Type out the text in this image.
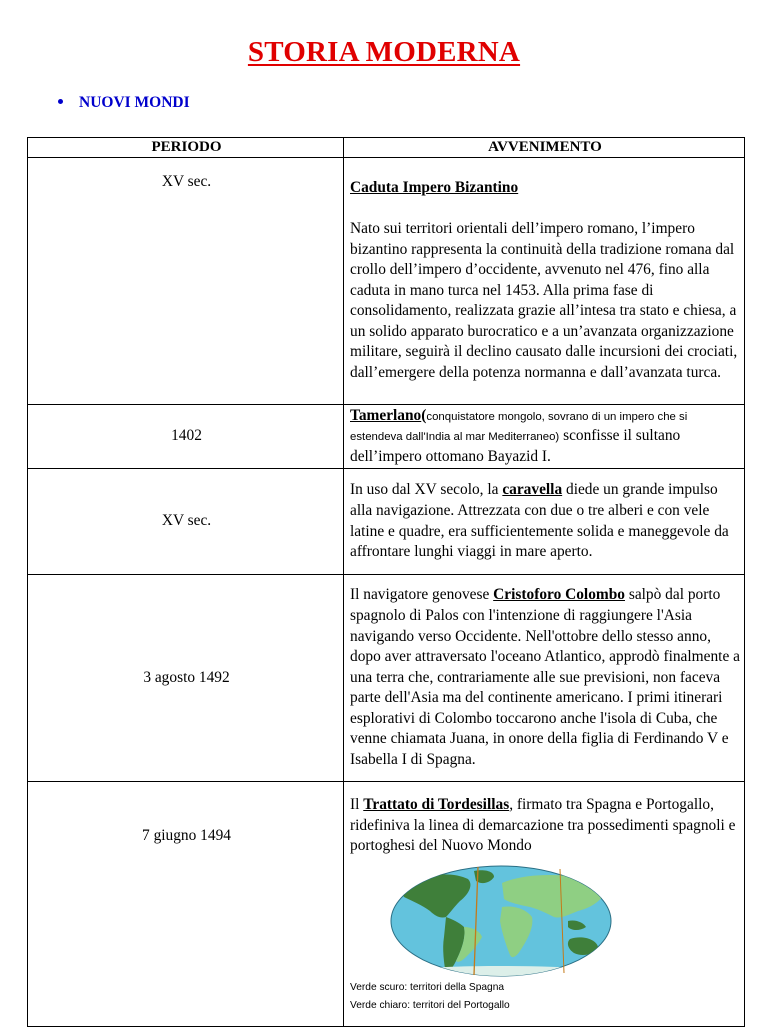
STORIA MODERNA
NUOVI MONDI
PERIODO	AVVENIMENTO
XV sec.	Caduta Impero Bizantino
Nato sui territori orientali dell’impero romano, l’impero bizantino rappresenta la continuità della tradizione romana dal crollo dell’impero d’occidente, avvenuto nel 476, fino alla caduta in mano turca nel 1453. Alla prima fase di consolidamento, realizzata grazie all’intesa tra stato e chiesa, a un solido apparato burocratico e a un’avanzata organizzazione militare, seguirà il declino causato dalle incursioni dei crociati, dall’emergere della potenza normanna e dall’avanzata turca.

1402	Tamerlano(conquistatore mongolo, sovrano di un impero che si estendeva dall'India al mar Mediterraneo) sconfisse il sultano dell’impero ottomano Bayazid I.
XV sec.	In uso dal XV secolo, la caravella diede un grande impulso alla navigazione. Attrezzata con due o tre alberi e con vele latine e quadre, era sufficientemente solida e maneggevole da affrontare lunghi viaggi in mare aperto.
3 agosto 1492	Il navigatore genovese Cristoforo Colombo salpò dal porto spagnolo di Palos con l'intenzione di raggiungere l'Asia navigando verso Occidente. Nell'ottobre dello stesso anno, dopo aver attraversato l'oceano Atlantico, approdò finalmente a una terra che, contrariamente alle sue previsioni, non faceva parte dell'Asia ma del continente americano. I primi itinerari esplorativi di Colombo toccarono anche l'isola di Cuba, che venne chiamata Juana, in onore della figlia di Ferdinando V e Isabella I di Spagna.
7 giugno 1494	Il Trattato di Tordesillas, firmato tra Spagna e Portogallo, ridefiniva la linea di demarcazione tra possedimenti spagnoli e portoghesi del Nuovo Mondo
Verde scuro: territori della Spagna
Verde chiaro: territori del Portogallo
